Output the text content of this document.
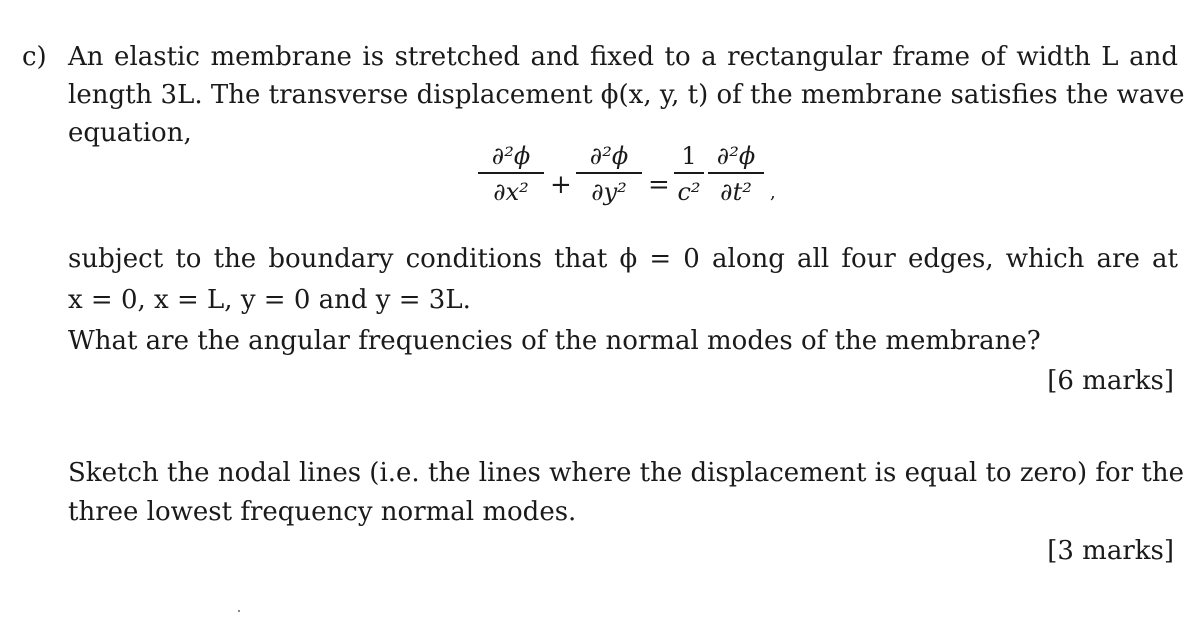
c) An elastic membrane is stretched and fixed to a rectangular frame of width L and
length 3L. The transverse displacement ϕ(x, y, t) of the membrane satisfies the wave
equation,
∂²ϕ
∂x² +
∂²ϕ
∂y² =
1
c²
∂²ϕ
∂t²	,
subject to the boundary conditions that ϕ = 0 along all four edges, which are at
x = 0, x = L, y = 0 and y = 3L.
What are the angular frequencies of the normal modes of the membrane?
[6 marks]
Sketch the nodal lines (i.e. the lines where the displacement is equal to zero) for the
three lowest frequency normal modes.
[3 marks]
